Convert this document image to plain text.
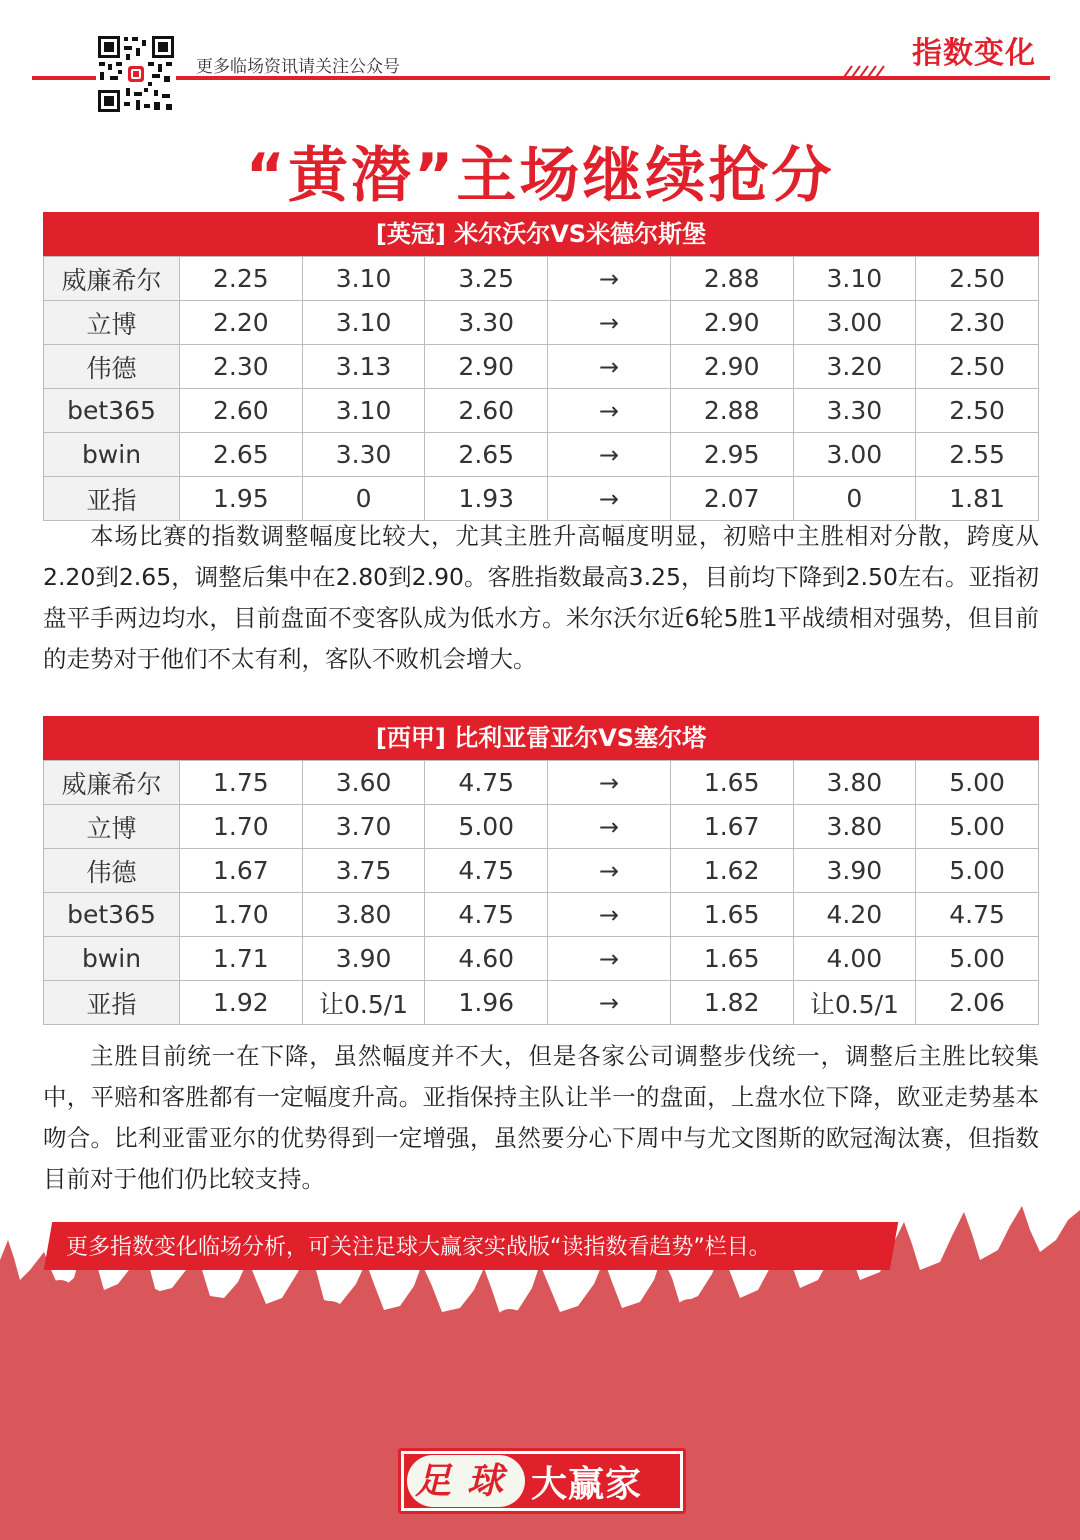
更多临场资讯请关注公众号	指数变化
“黄潜”主场继续抢分
[英冠] 米尔沃尔VS米德尔斯堡
威廉希尔	2.25	3.10	3.25	→	2.88	3.10	2.50
立博	2.20	3.10	3.30	→	2.90	3.00	2.30
伟德	2.30	3.13	2.90	→	2.90	3.20	2.50
bet365	2.60	3.10	2.60	→	2.88	3.30	2.50
bwin	2.65	3.30	2.65	→	2.95	3.00	2.55
亚指	1.95	0	1.93	→	2.07	0	1.81

本场比赛的指数调整幅度比较大，尤其主胜升高幅度明显，初赔中主胜相对分散，跨度从2.20到2.65，调整后集中在2.80到2.90。客胜指数最高3.25，目前均下降到2.50左右。亚指初盘平手两边均水，目前盘面不变客队成为低水方。米尔沃尔近6轮5胜1平战绩相对强势，但目前的走势对于他们不太有利，客队不败机会增大。

[西甲] 比利亚雷亚尔VS塞尔塔
威廉希尔	1.75	3.60	4.75	→	1.65	3.80	5.00
立博	1.70	3.70	5.00	→	1.67	3.80	5.00
伟德	1.67	3.75	4.75	→	1.62	3.90	5.00
bet365	1.70	3.80	4.75	→	1.65	4.20	4.75
bwin	1.71	3.90	4.60	→	1.65	4.00	5.00
亚指	1.92	让0.5/1	1.96	→	1.82	让0.5/1	2.06

主胜目前统一在下降，虽然幅度并不大，但是各家公司调整步伐统一，调整后主胜比较集中，平赔和客胜都有一定幅度升高。亚指保持主队让半一的盘面，上盘水位下降，欧亚走势基本吻合。比利亚雷亚尔的优势得到一定增强，虽然要分心下周中与尤文图斯的欧冠淘汰赛，但指数目前对于他们仍比较支持。

更多指数变化临场分析，可关注足球大赢家实战版“读指数看趋势”栏目。
足 球 大赢家
